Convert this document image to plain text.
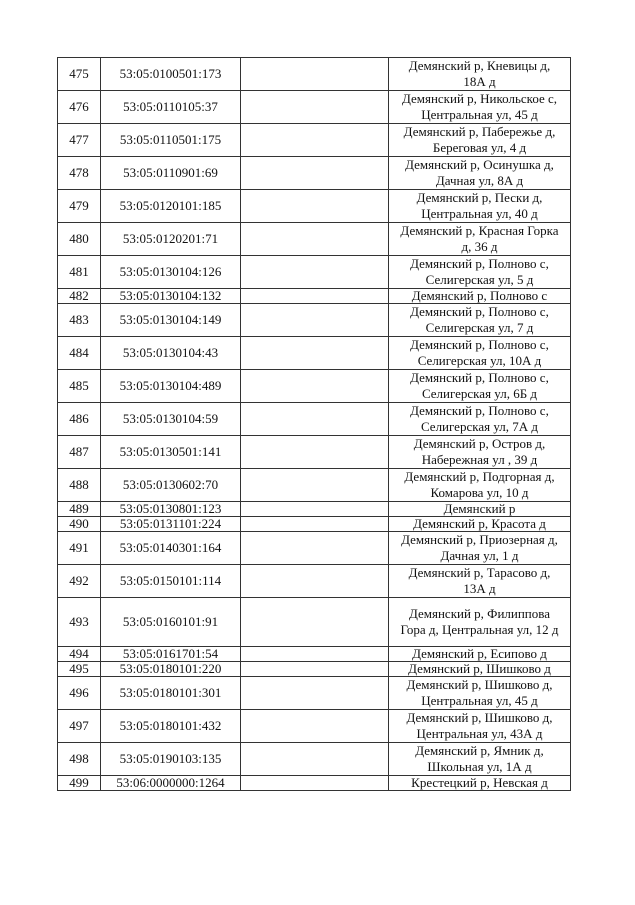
475	53:05:0100501:173		Демянский р, Кневицы д,
18А д

476	53:05:0110105:37		Демянский р, Никольское с,
Центральная ул, 45 д

477	53:05:0110501:175		Демянский р, Пабережье д,
Береговая ул, 4 д

478	53:05:0110901:69		Демянский р, Осинушка д,
Дачная ул, 8А д

479	53:05:0120101:185		Демянский р, Пески д,
Центральная ул, 40 д

480	53:05:0120201:71		Демянский р, Красная Горка
д, 36 д

481	53:05:0130104:126		Демянский р, Полново с,
Селигерская ул, 5 д

482	53:05:0130104:132		Демянский р, Полново с

483	53:05:0130104:149		Демянский р, Полново с,
Селигерская ул, 7 д

484	53:05:0130104:43		Демянский р, Полново с,
Селигерская ул, 10А д

485	53:05:0130104:489		Демянский р, Полново с,
Селигерская ул, 6Б д

486	53:05:0130104:59		Демянский р, Полново с,
Селигерская ул, 7А д

487	53:05:0130501:141		Демянский р, Остров д,
Набережная ул , 39 д

488	53:05:0130602:70		Демянский р, Подгорная д,
Комарова ул, 10 д

489	53:05:0130801:123		Демянский р

490	53:05:0131101:224		Демянский р, Красота д

491	53:05:0140301:164		Демянский р, Приозерная д,
Дачная ул, 1 д

492	53:05:0150101:114		Демянский р, Тарасово д,
13А д

493	53:05:0160101:91		Демянский р, Филиппова
Гора д, Центральная ул, 12 д

494	53:05:0161701:54		Демянский р, Есипово д

495	53:05:0180101:220		Демянский р, Шишково д

496	53:05:0180101:301		Демянский р, Шишково д,
Центральная ул, 45 д

497	53:05:0180101:432		Демянский р, Шишково д,
Центральная ул, 43А д

498	53:05:0190103:135		Демянский р, Ямник д,
Школьная ул, 1А д

499	53:06:0000000:1264		Крестецкий р, Невская д
